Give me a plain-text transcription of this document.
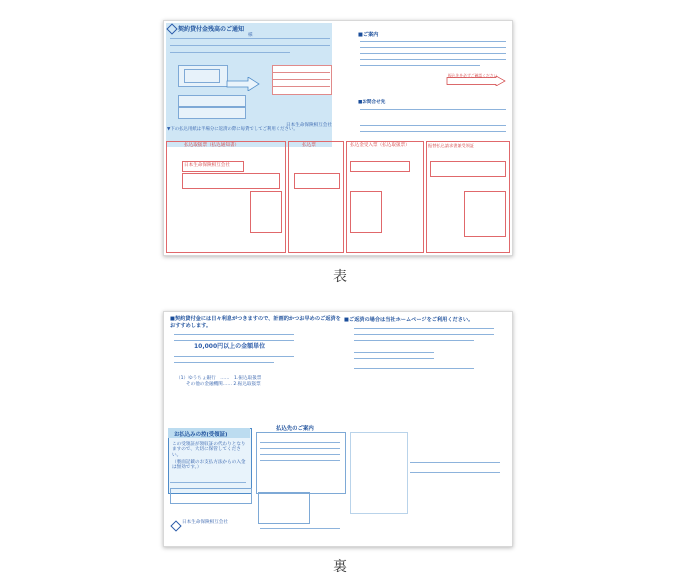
契約貸付金残高のご通知
様
日本生命保険相互会社
▼下の払込用紙は半場分に返済の際に毎貸でしてご利用ください。
■ご案内
振込先を必ずご確認ください
■お問合せ先
払込取扱票（払込通知書）
日本生命保険相互会社
払込票	払込金受入票（払込取扱票）	振替払込請求書兼受領証
表
■契約貸付金には日々利息がつきますので、計画的かつお早めのご返済を
おすすめします。
■ご返済の場合は当社ホームページをご利用ください。
10,000円以上の金額単位
（1）ゆうちょ銀行　……　1.振込取扱票
その他の金融機関…… 2.振込取扱票
お払込みの控(受領証)
この受領証が領収証の代わりとなりますので、大切に保管してください。
（裏面記載のお支払方法からの入金は無効です。）
払込先のご案内
日本生命保険相互会社
裏
